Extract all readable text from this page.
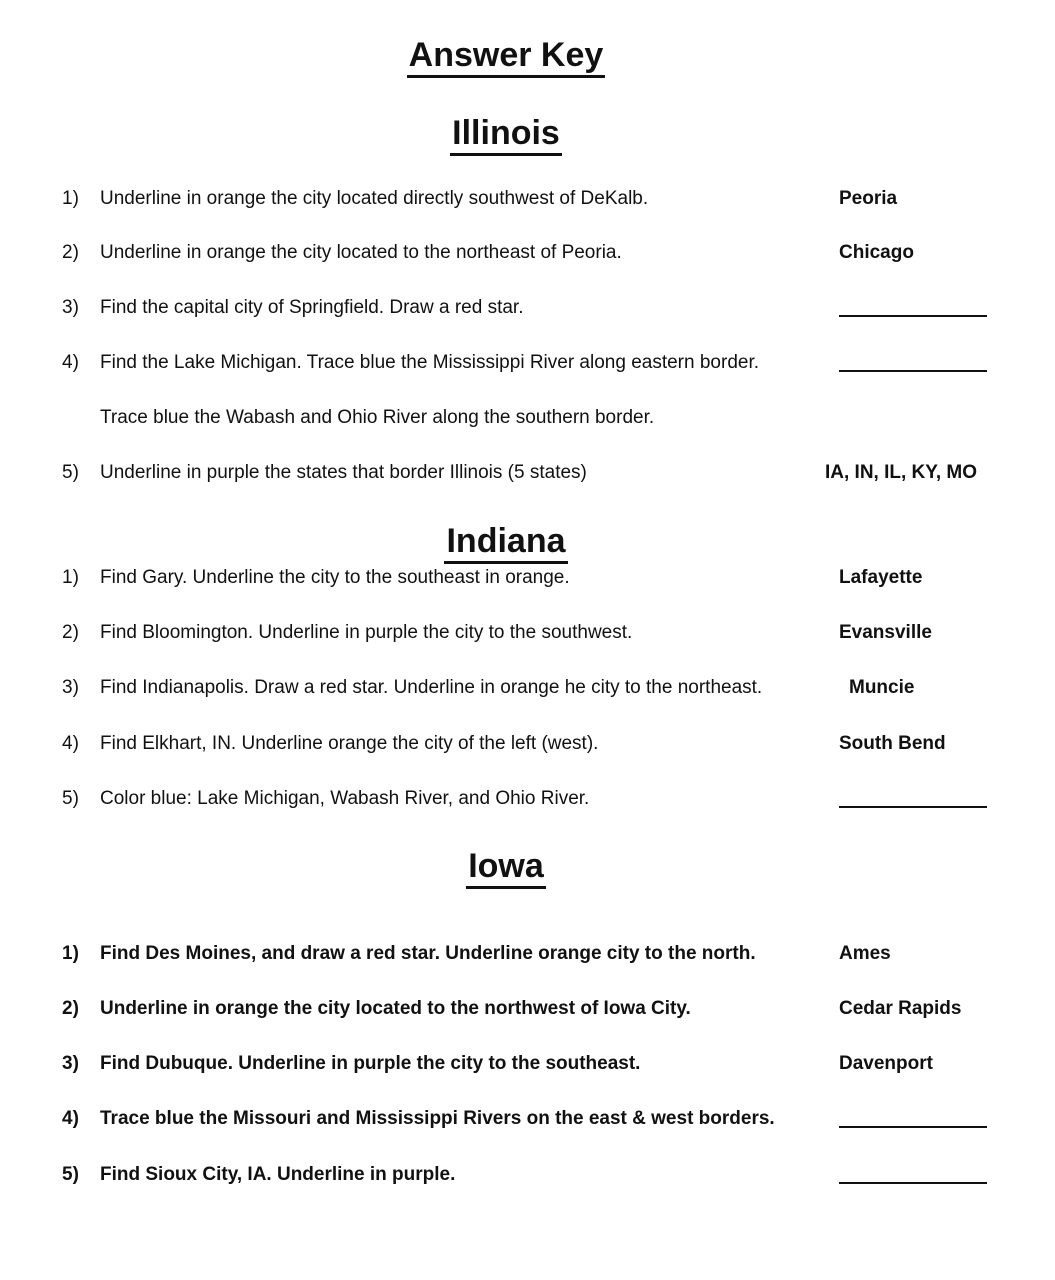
Answer Key
Illinois
1)	Underline in orange the city located directly southwest of DeKalb.	Peoria
2)	Underline in orange the city located to the northeast of Peoria.	Chicago
3)	Find the capital city of Springfield. Draw a red star.
4)	Find the Lake Michigan. Trace blue the Mississippi River along eastern border.
Trace blue the Wabash and Ohio River along the southern border.
5)	Underline in purple the states that border Illinois (5 states)	IA, IN, IL, KY, MO
Indiana
1)	Find Gary. Underline the city to the southeast in orange.	Lafayette
2)	Find Bloomington. Underline in purple the city to the southwest.	Evansville
3)	Find Indianapolis. Draw a red star. Underline in orange he city to the northeast.	Muncie
4)	Find Elkhart, IN. Underline orange the city of the left (west).	South Bend
5)	Color blue: Lake Michigan, Wabash River, and Ohio River.
Iowa
1)	Find Des Moines, and draw a red star. Underline orange city to the north.	Ames
2)	Underline in orange the city located to the northwest of Iowa City.	Cedar Rapids
3)	Find Dubuque. Underline in purple the city to the southeast.	Davenport
4)	Trace blue the Missouri and Mississippi Rivers on the east & west borders.
5)	Find Sioux City, IA. Underline in purple.
